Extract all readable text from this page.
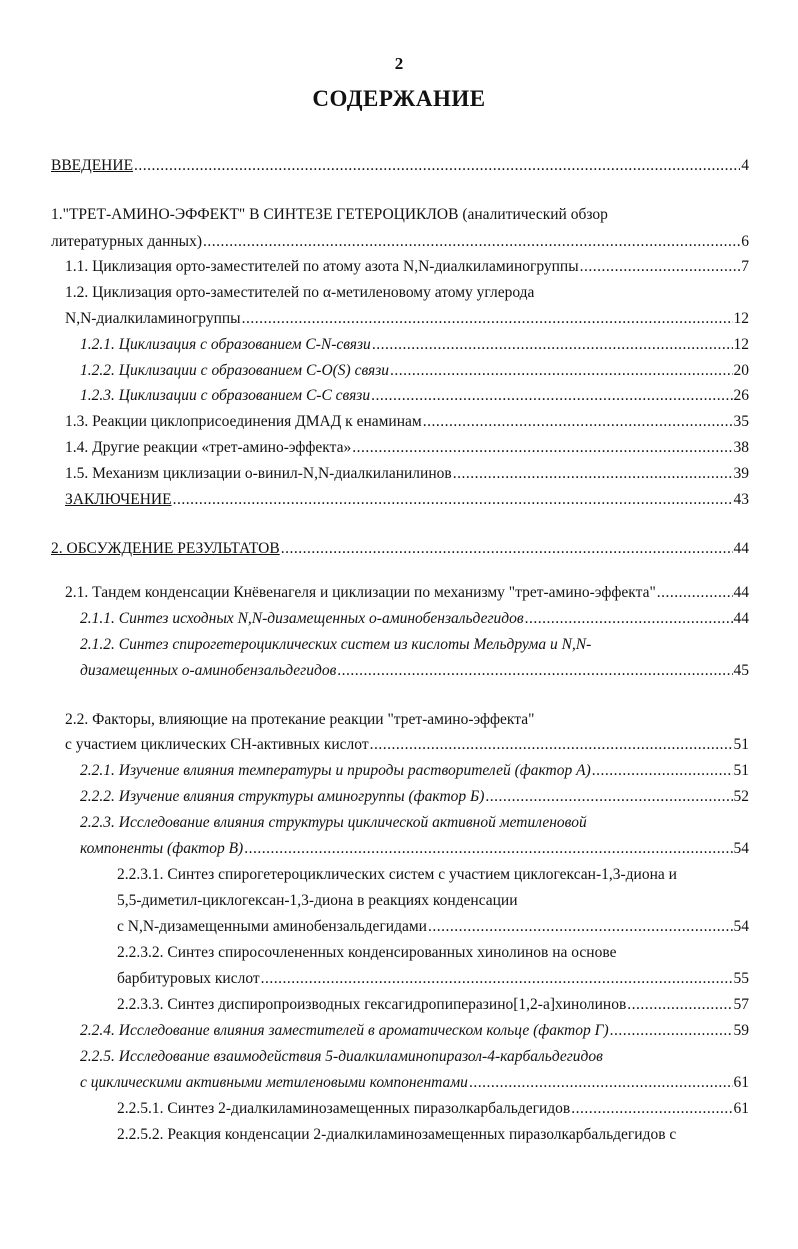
2
СОДЕРЖАНИЕ
ВВЕДЕНИЕ .....	4
1."ТРЕТ-АМИНО-ЭФФЕКТ" В СИНТЕЗЕ ГЕТЕРОЦИКЛОВ (аналитический обзор
литературных данных) .....	6
1.1. Циклизация орто-заместителей по атому азота N,N-диалкиламиногруппы .....	7
1.2. Циклизация орто-заместителей по α-метиленовому атому углерода
N,N-диалкиламиногруппы .....	12
1.2.1. Циклизация с образованием C-N-связи .....	12
1.2.2. Циклизации с образованием C-O(S) связи .....	20
1.2.3. Циклизации с образованием C-C связи .....	26
1.3. Реакции циклоприсоединения ДМАД к енаминам .....	35
1.4. Другие реакции «трет-амино-эффекта» .....	38
1.5. Механизм циклизации о-винил-N,N-диалкиланилинов .....	39
ЗАКЛЮЧЕНИЕ .....	43
2. ОБСУЖДЕНИЕ РЕЗУЛЬТАТОВ .....	44
2.1. Тандем конденсации Кнёвенагеля и циклизации по механизму "трет-амино-эффекта" .....	44
2.1.1. Синтез исходных N,N-дизамещенных о-аминобензальдегидов .....	44
2.1.2. Синтез спирогетероциклических систем из кислоты Мельдрума и N,N-
дизамещенных о-аминобензальдегидов .....	45
2.2. Факторы, влияющие на протекание реакции "трет-амино-эффекта"
с участием циклических CH-активных кислот .....	51
2.2.1. Изучение влияния температуры и природы растворителей (фактор А) .....	51
2.2.2. Изучение влияния структуры аминогруппы (фактор Б) .....	52
2.2.3. Исследование влияния структуры циклической активной метиленовой
компоненты (фактор В) .....	54
2.2.3.1. Синтез спирогетероциклических систем с участием циклогексан-1,3-диона и
5,5-диметил-циклогексан-1,3-диона в реакциях конденсации
с N,N-дизамещенными аминобензальдегидами .....	54
2.2.3.2. Синтез спиросочлененных конденсированных хинолинов на основе
барбитуровых кислот .....	55
2.2.3.3. Синтез диспиропроизводных гексагидропиперазино[1,2-a]хинолинов .....	57
2.2.4. Исследование влияния заместителей в ароматическом кольце (фактор Г) .....	59
2.2.5. Исследование взаимодействия 5-диалкиламинопиразол-4-карбальдегидов
с циклическими активными метиленовыми компонентами .....	61
2.2.5.1. Синтез 2-диалкиламинозамещенных пиразолкарбальдегидов .....	61
2.2.5.2. Реакция конденсации 2-диалкиламинозамещенных пиразолкарбальдегидов с
